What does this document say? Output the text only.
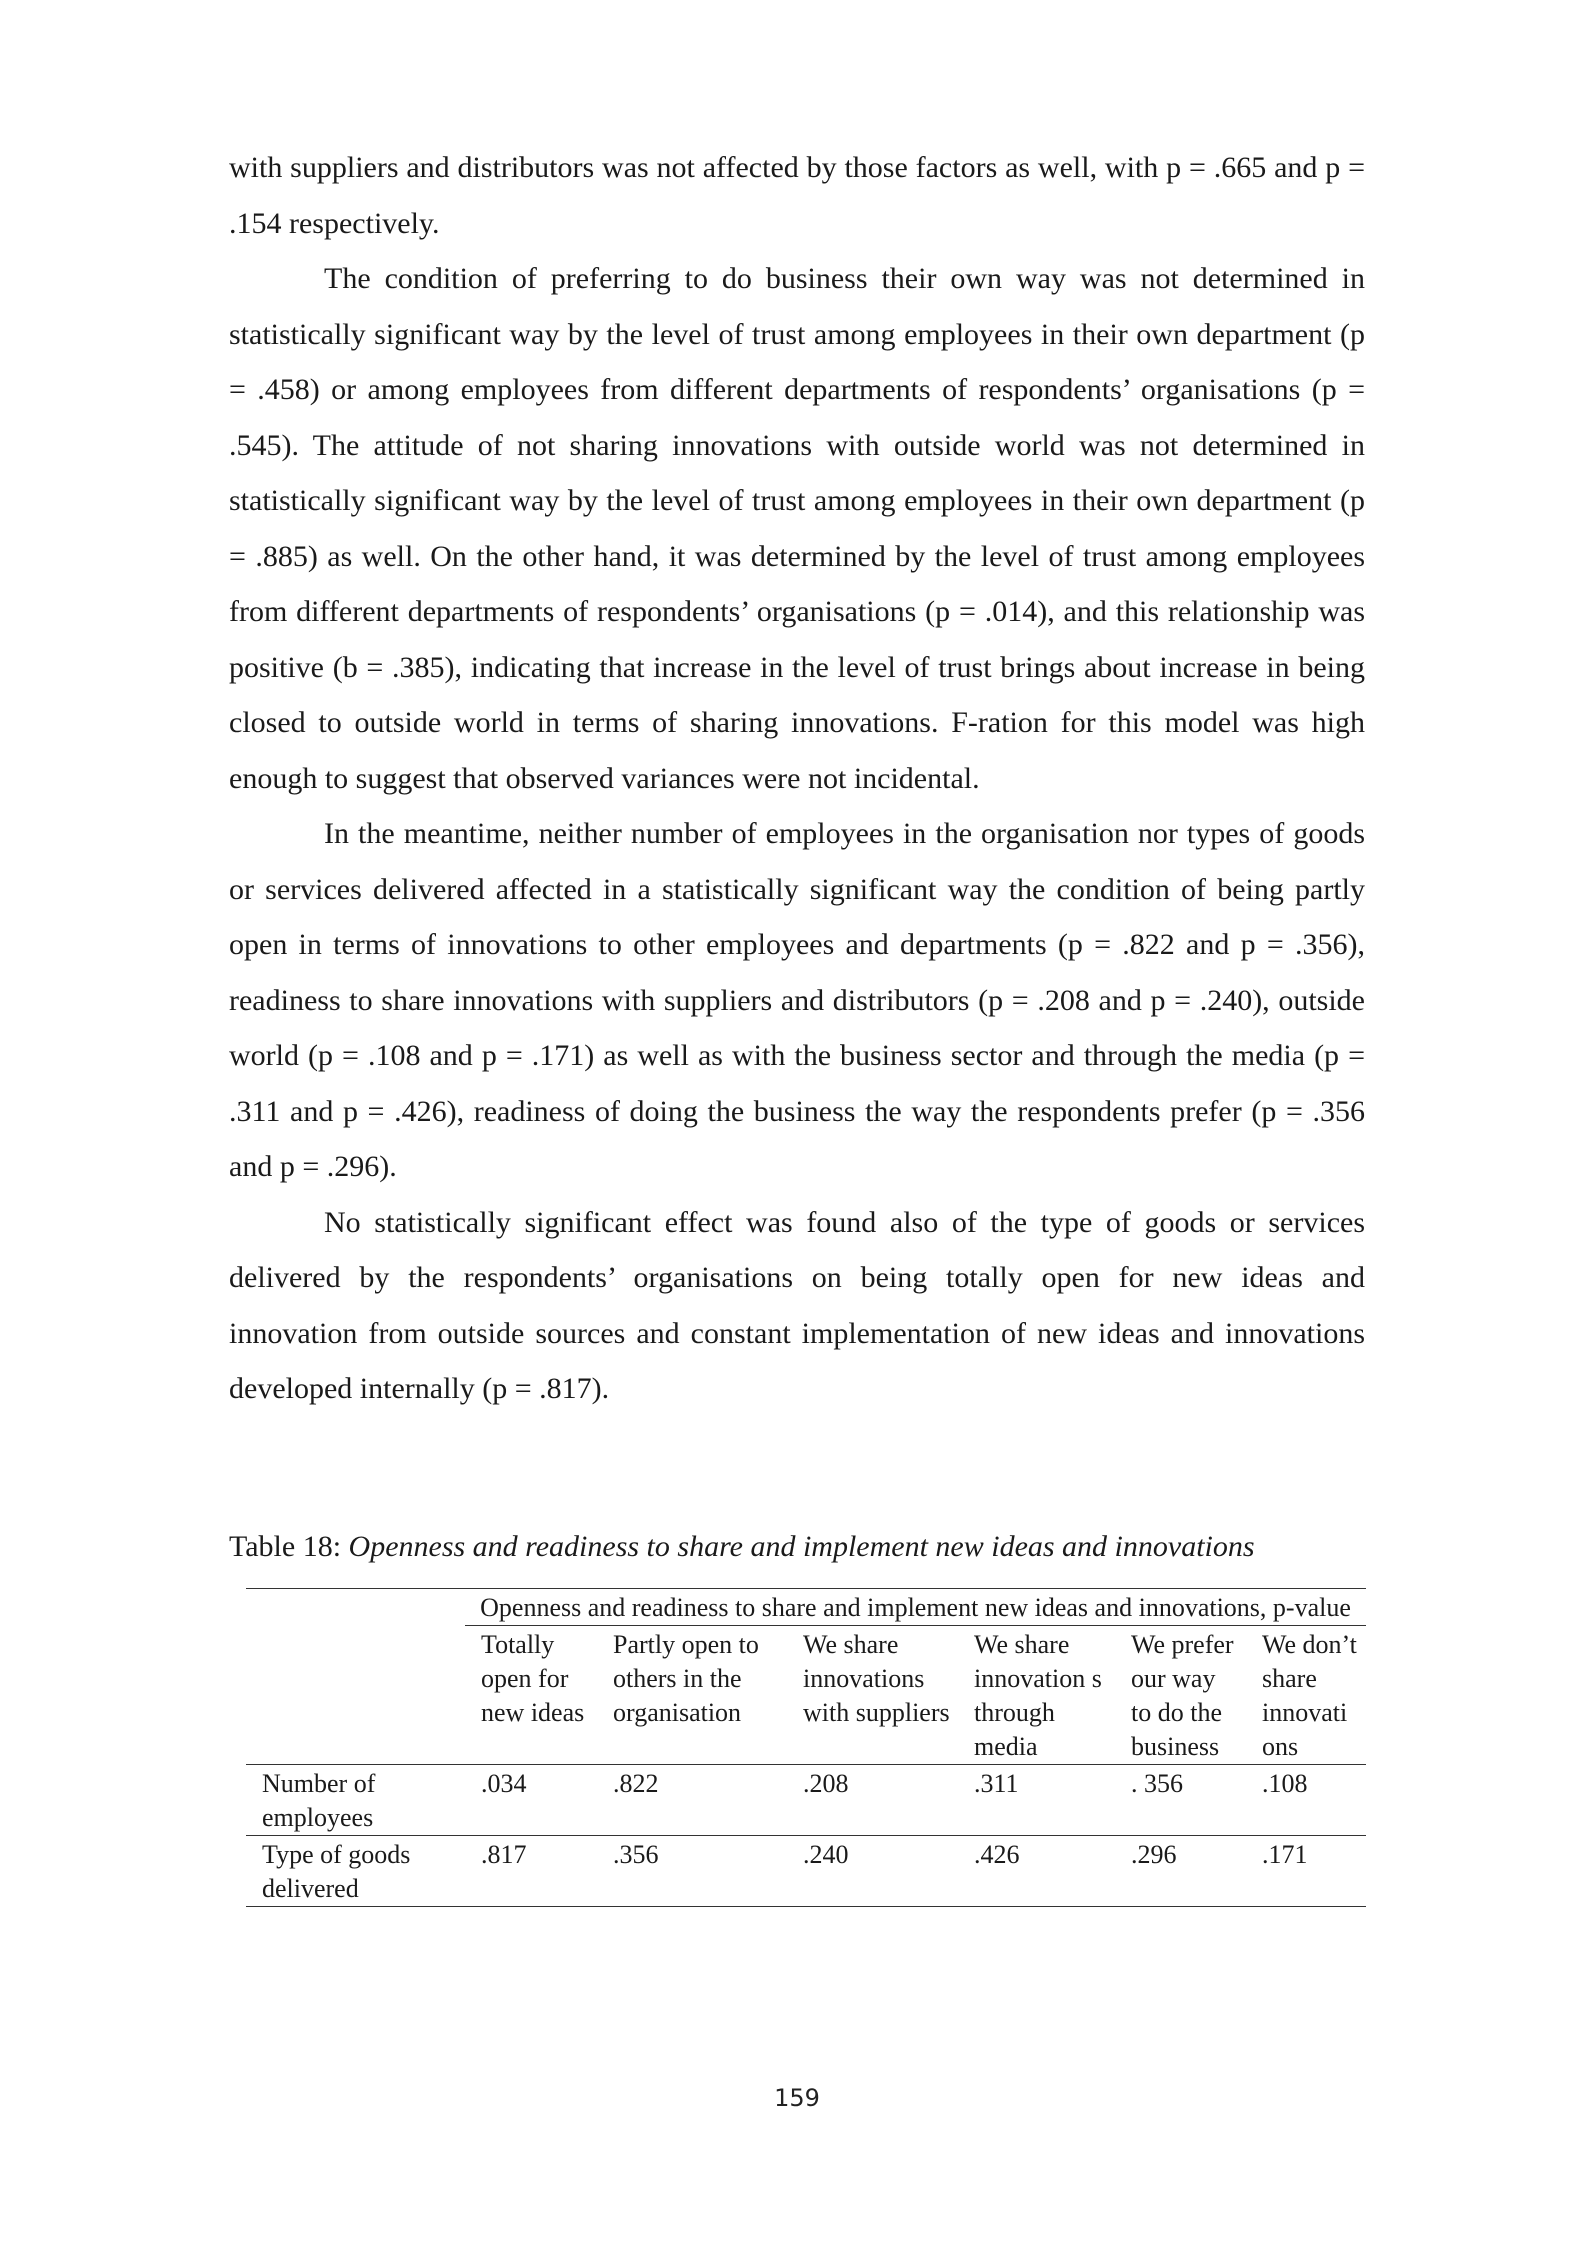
with suppliers and distributors was not affected by those factors as well, with p = .665 and p = .154 respectively.

The condition of preferring to do business their own way was not determined in statistically significant way by the level of trust among employees in their own department (p = .458) or among employees from different departments of respondents’ organisations (p = .545). The attitude of not sharing innovations with outside world was not determined in statistically significant way by the level of trust among employees in their own department (p = .885) as well. On the other hand, it was determined by the level of trust among employees from different departments of respondents’ organisations (p = .014), and this relationship was positive (b = .385), indicating that increase in the level of trust brings about increase in being closed to outside world in terms of sharing innovations. F-ration for this model was high enough to suggest that observed variances were not incidental.

In the meantime, neither number of employees in the organisation nor types of goods or services delivered affected in a statistically significant way the condition of being partly open in terms of innovations to other employees and departments (p = .822 and p = .356), readiness to share innovations with suppliers and distributors (p = .208 and p = .240), outside world (p = .108 and p = .171) as well as with the business sector and through the media (p = .311 and p = .426), readiness of doing the business the way the respondents prefer (p = .356 and p = .296).

No statistically significant effect was found also of the type of goods or services delivered by the respondents’ organisations on being totally open for new ideas and innovation from outside sources and constant implementation of new ideas and innovations developed internally (p = .817).

Table 18: Openness and readiness to share and implement new ideas and innovations
	Openness and readiness to share and implement new ideas and innovations, p-value					
	Totally open for new ideas	Partly open to others in the organisation	We share innovations with suppliers	We share innovation s through media	We prefer our way to do the business	We don’t share innovati ons
Number of employees	.034	.822	.208	.311	. 356	.108
Type of goods delivered	.817	.356	.240	.426	.296	.171
159
